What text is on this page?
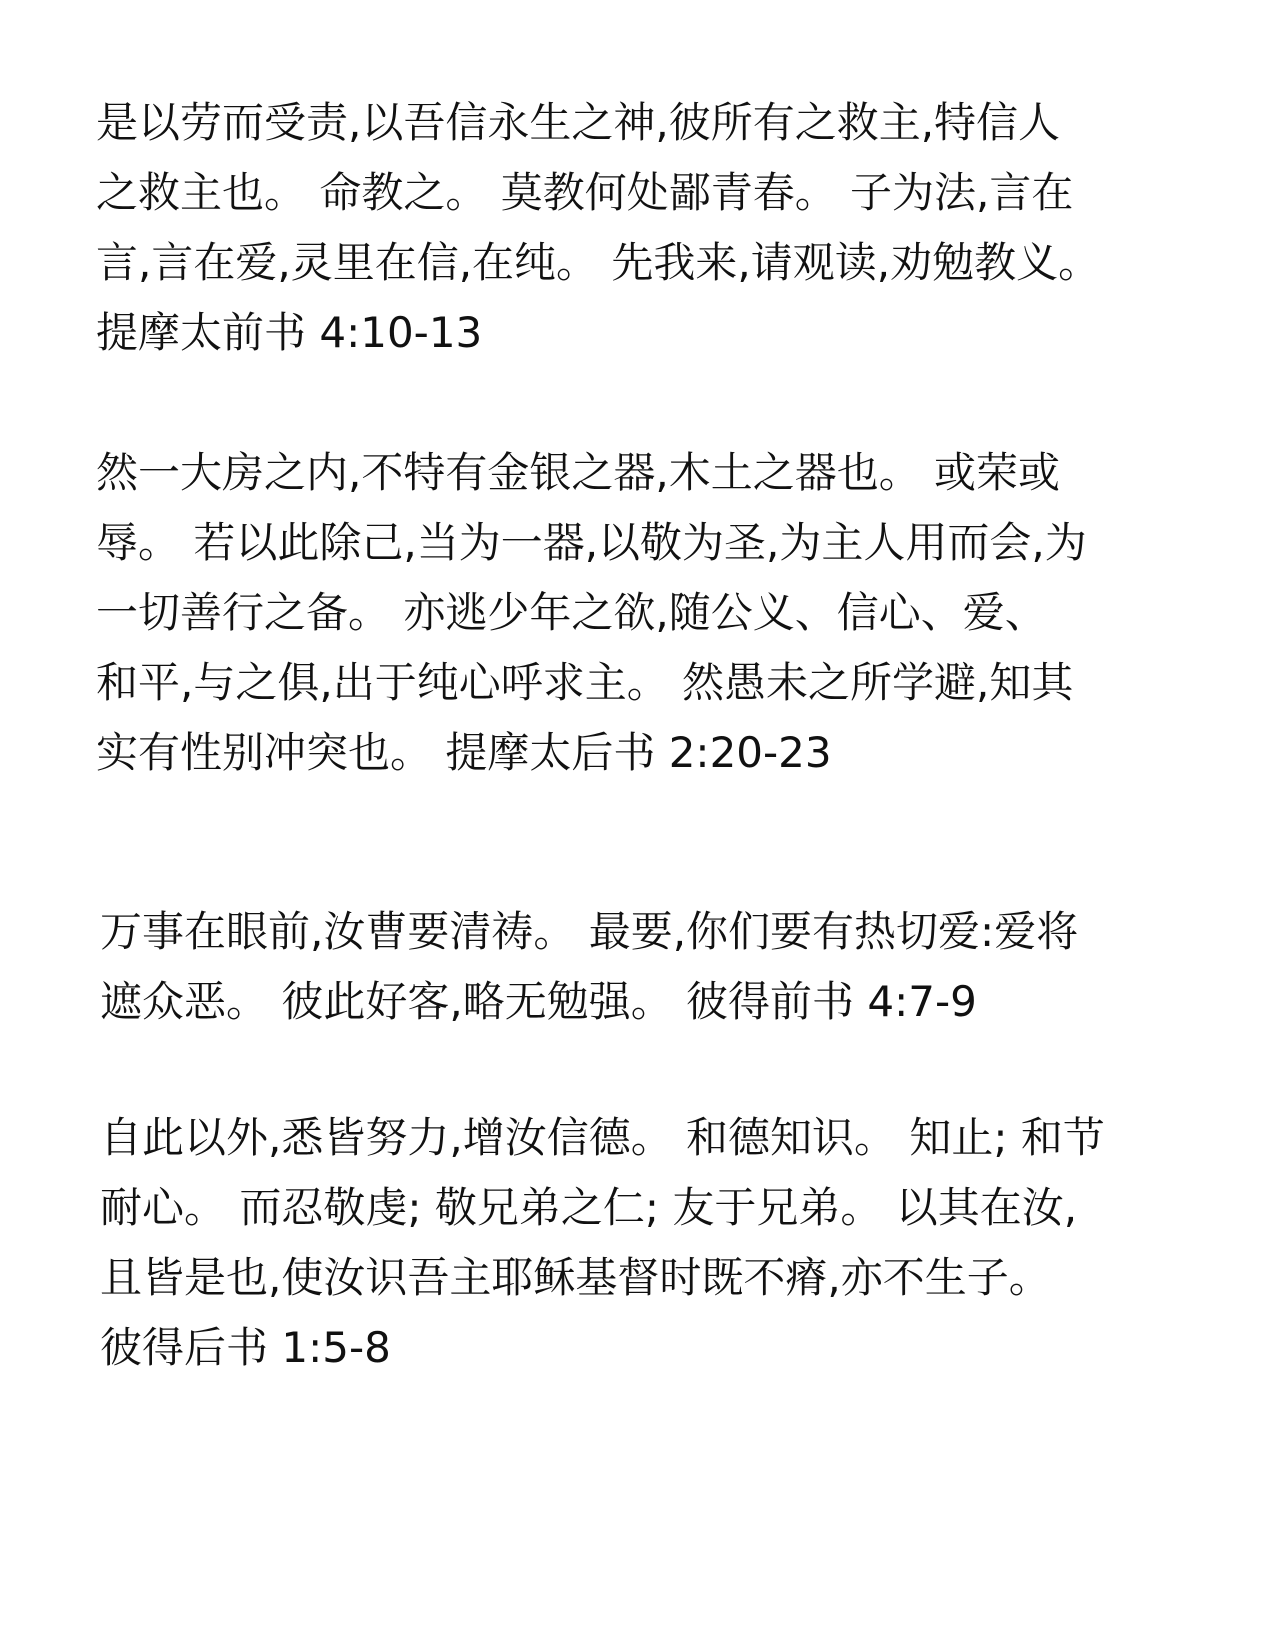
是以劳而受责,以吾信永生之神,彼所有之救主,特信人
之救主也。 命教之。 莫教何处鄙青春。 子为法,言在
言,言在爱,灵里在信,在纯。 先我来,请观读,劝勉教义。
提摩太前书 4:10-13

然一大房之内,不特有金银之器,木土之器也。 或荣或
辱。 若以此除己,当为一器,以敬为圣,为主人用而会,为
一切善行之备。 亦逃少年之欲,随公义、信心、爱、
和平,与之俱,出于纯心呼求主。 然愚未之所学避,知其
实有性别冲突也。 提摩太后书 2:20-23

万事在眼前,汝曹要清祷。 最要,你们要有热切爱:爱将
遮众恶。 彼此好客,略无勉强。 彼得前书 4:7-9

自此以外,悉皆努力,增汝信德。 和德知识。 知止; 和节
耐心。 而忍敬虔; 敬兄弟之仁; 友于兄弟。 以其在汝,
且皆是也,使汝识吾主耶稣基督时既不瘠,亦不生子。
彼得后书 1:5-8
